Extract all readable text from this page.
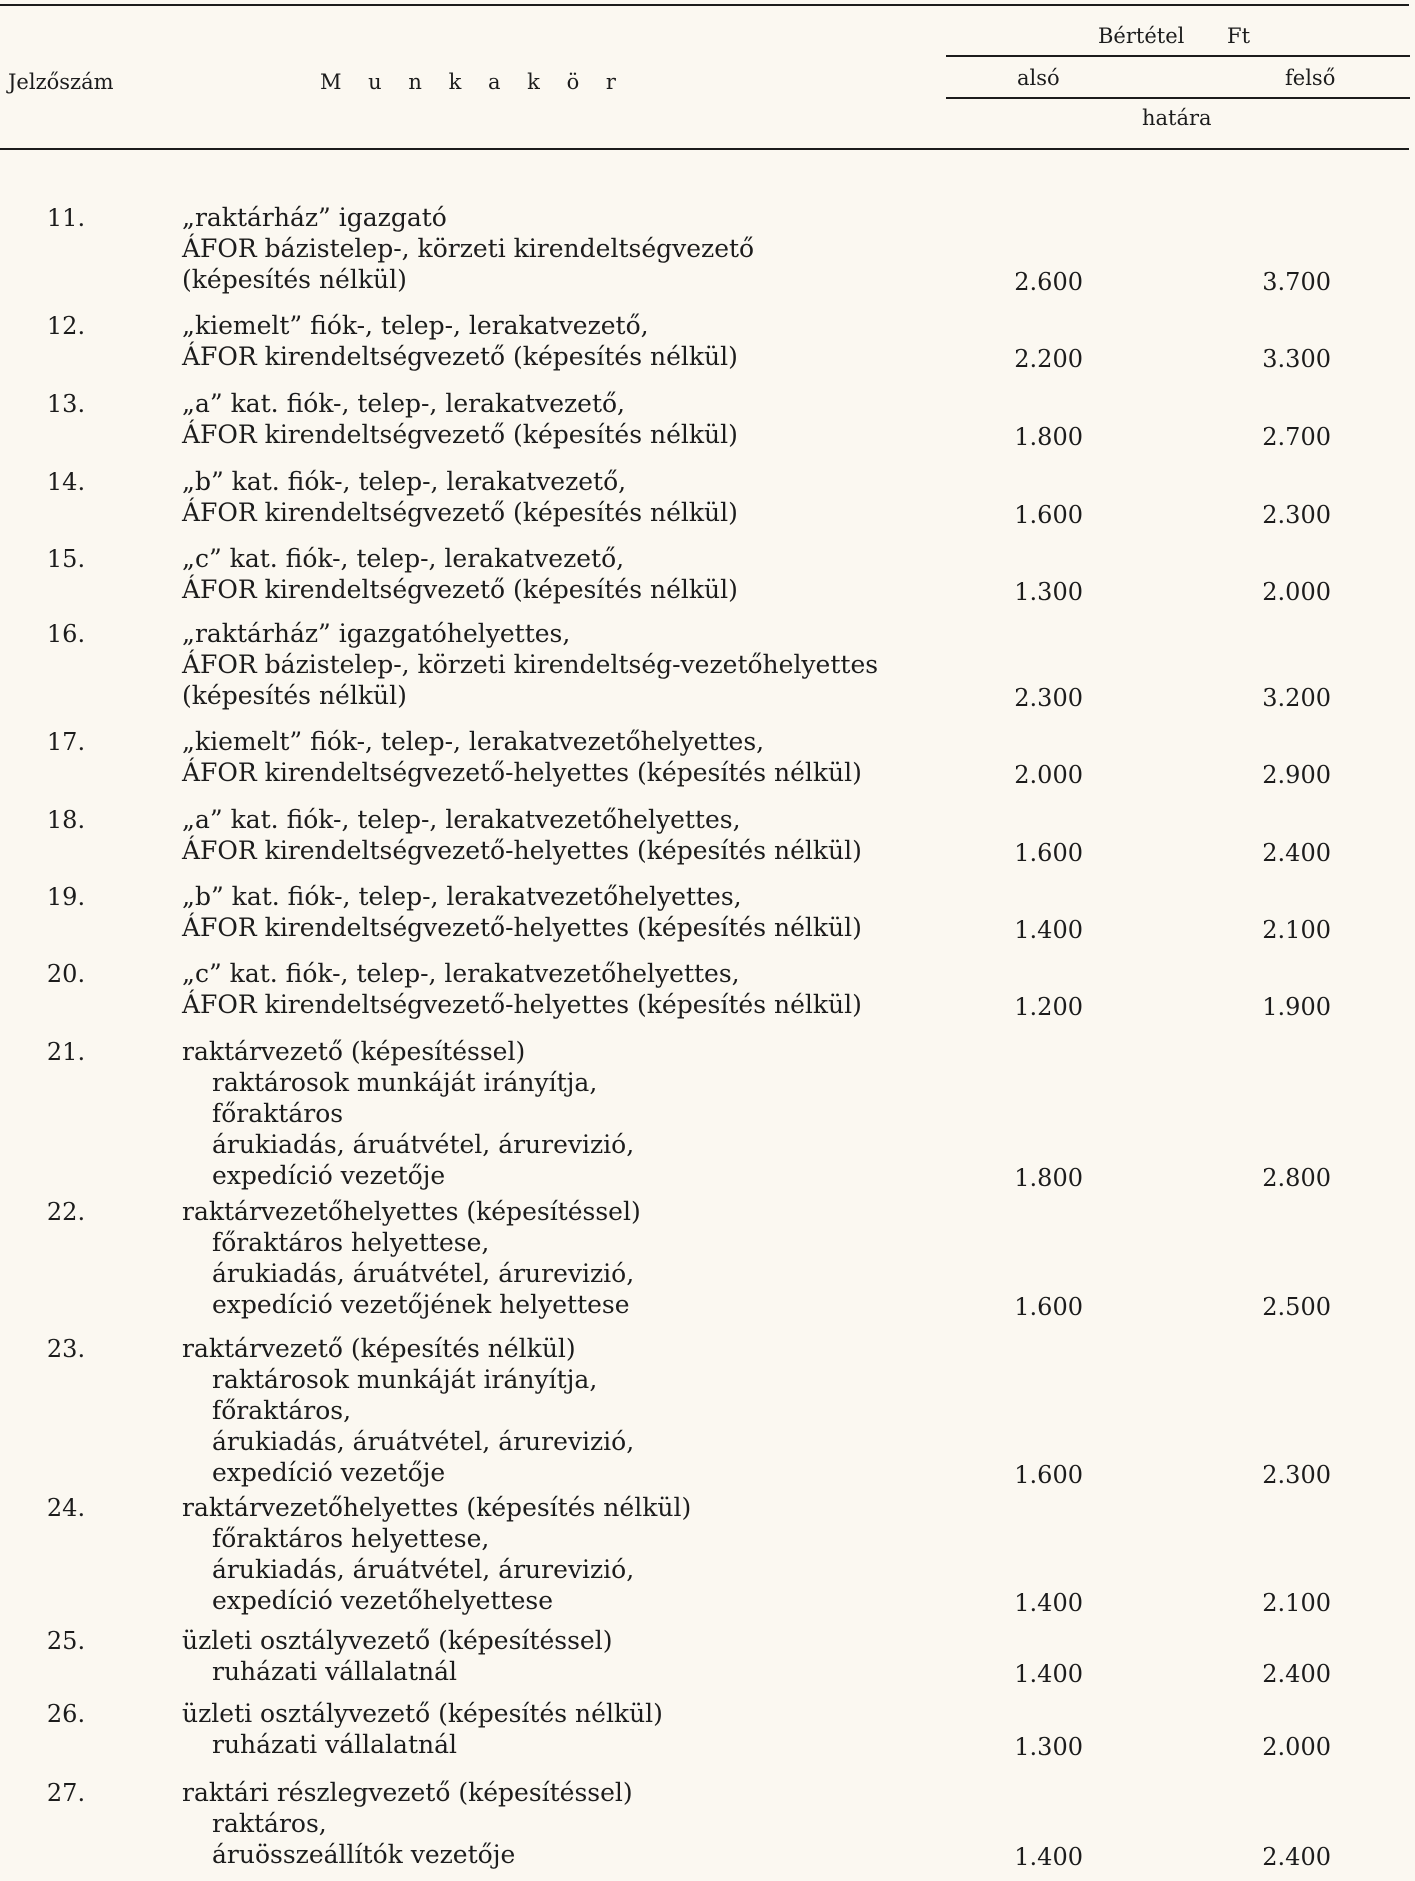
Jelzőszám	M u n k a k ö r
Bértétel Ft
alsó	felső
határa
11.	„raktárház” igazgató
ÁFOR bázistelep-, körzeti kirendeltségvezető
(képesítés nélkül)	2.600	3.700
12.	„kiemelt” fiók-, telep-, lerakatvezető,
ÁFOR kirendeltségvezető (képesítés nélkül)	2.200	3.300
13.	„a” kat. fiók-, telep-, lerakatvezető,
ÁFOR kirendeltségvezető (képesítés nélkül)	1.800	2.700
14.	„b” kat. fiók-, telep-, lerakatvezető,
ÁFOR kirendeltségvezető (képesítés nélkül)	1.600	2.300
15.	„c” kat. fiók-, telep-, lerakatvezető,
ÁFOR kirendeltségvezető (képesítés nélkül)	1.300	2.000
16.	„raktárház” igazgatóhelyettes,
ÁFOR bázistelep-, körzeti kirendeltség-vezetőhelyettes
(képesítés nélkül)	2.300	3.200
17.	„kiemelt” fiók-, telep-, lerakatvezetőhelyettes,
ÁFOR kirendeltségvezető-helyettes (képesítés nélkül)	2.000	2.900
18.	„a” kat. fiók-, telep-, lerakatvezetőhelyettes,
ÁFOR kirendeltségvezető-helyettes (képesítés nélkül)	1.600	2.400
19.	„b” kat. fiók-, telep-, lerakatvezetőhelyettes,
ÁFOR kirendeltségvezető-helyettes (képesítés nélkül)	1.400	2.100
20.	„c” kat. fiók-, telep-, lerakatvezetőhelyettes,
ÁFOR kirendeltségvezető-helyettes (képesítés nélkül)	1.200	1.900
21.	raktárvezető (képesítéssel)
raktárosok munkáját irányítja,
főraktáros
árukiadás, áruátvétel, árurevizió,
expedíció vezetője	1.800	2.800
22.	raktárvezetőhelyettes (képesítéssel)
főraktáros helyettese,
árukiadás, áruátvétel, árurevizió,
expedíció vezetőjének helyettese	1.600	2.500
23.	raktárvezető (képesítés nélkül)
raktárosok munkáját irányítja,
főraktáros,
árukiadás, áruátvétel, árurevizió,
expedíció vezetője	1.600	2.300
24.	raktárvezetőhelyettes (képesítés nélkül)
főraktáros helyettese,
árukiadás, áruátvétel, árurevizió,
expedíció vezetőhelyettese	1.400	2.100
25.	üzleti osztályvezető (képesítéssel)
ruházati vállalatnál	1.400	2.400
26.	üzleti osztályvezető (képesítés nélkül)
ruházati vállalatnál	1.300	2.000
27.	raktári részlegvezető (képesítéssel)
raktáros,
áruösszeállítók vezetője	1.400	2.400
